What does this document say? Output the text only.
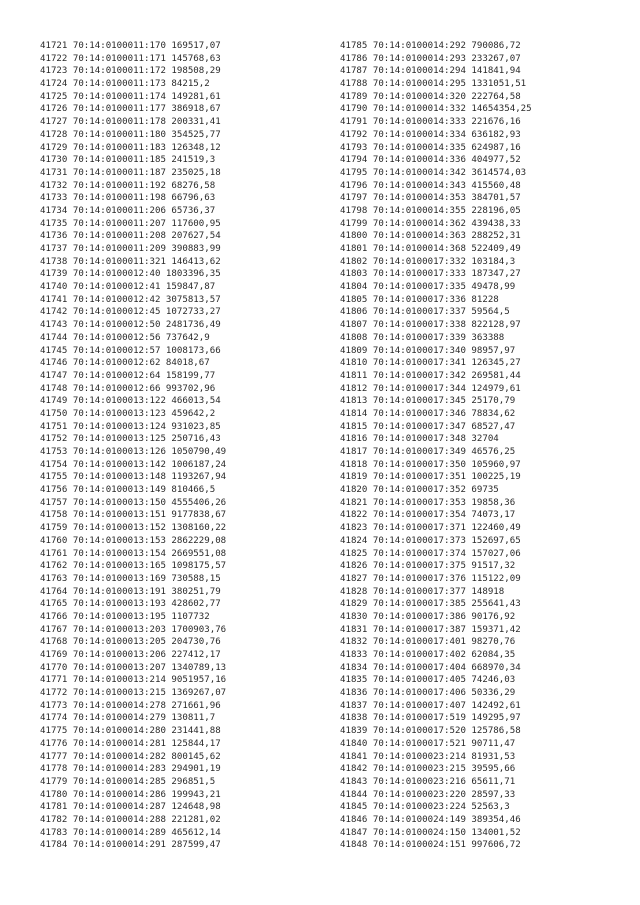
41721 70:14:0100011:170 169517,07
41722 70:14:0100011:171 145768,63
41723 70:14:0100011:172 198508,29
41724 70:14:0100011:173 84215,2
41725 70:14:0100011:174 149281,61
41726 70:14:0100011:177 386918,67
41727 70:14:0100011:178 200331,41
41728 70:14:0100011:180 354525,77
41729 70:14:0100011:183 126348,12
41730 70:14:0100011:185 241519,3
41731 70:14:0100011:187 235025,18
41732 70:14:0100011:192 68276,58
41733 70:14:0100011:198 66796,63
41734 70:14:0100011:206 65736,37
41735 70:14:0100011:207 117600,95
41736 70:14:0100011:208 207627,54
41737 70:14:0100011:209 390883,99
41738 70:14:0100011:321 146413,62
41739 70:14:0100012:40 1803396,35
41740 70:14:0100012:41 159847,87
41741 70:14:0100012:42 3075813,57
41742 70:14:0100012:45 1072733,27
41743 70:14:0100012:50 2481736,49
41744 70:14:0100012:56 737642,9
41745 70:14:0100012:57 1008173,66
41746 70:14:0100012:62 84018,67
41747 70:14:0100012:64 158199,77
41748 70:14:0100012:66 993702,96
41749 70:14:0100013:122 466013,54
41750 70:14:0100013:123 459642,2
41751 70:14:0100013:124 931023,85
41752 70:14:0100013:125 250716,43
41753 70:14:0100013:126 1050790,49
41754 70:14:0100013:142 1006187,24
41755 70:14:0100013:148 1193267,94
41756 70:14:0100013:149 810466,5
41757 70:14:0100013:150 4555406,26
41758 70:14:0100013:151 9177838,67
41759 70:14:0100013:152 1308160,22
41760 70:14:0100013:153 2862229,08
41761 70:14:0100013:154 2669551,08
41762 70:14:0100013:165 1098175,57
41763 70:14:0100013:169 730588,15
41764 70:14:0100013:191 380251,79
41765 70:14:0100013:193 428602,77
41766 70:14:0100013:195 1107732
41767 70:14:0100013:203 1700903,76
41768 70:14:0100013:205 204730,76
41769 70:14:0100013:206 227412,17
41770 70:14:0100013:207 1340789,13
41771 70:14:0100013:214 9051957,16
41772 70:14:0100013:215 1369267,07
41773 70:14:0100014:278 271661,96
41774 70:14:0100014:279 130811,7
41775 70:14:0100014:280 231441,88
41776 70:14:0100014:281 125844,17
41777 70:14:0100014:282 800145,62
41778 70:14:0100014:283 294901,19
41779 70:14:0100014:285 296851,5
41780 70:14:0100014:286 199943,21
41781 70:14:0100014:287 124648,98
41782 70:14:0100014:288 221281,02
41783 70:14:0100014:289 465612,14
41784 70:14:0100014:291 287599,47
41785 70:14:0100014:292 790086,72
41786 70:14:0100014:293 233267,07
41787 70:14:0100014:294 141841,94
41788 70:14:0100014:295 1331051,51
41789 70:14:0100014:320 222764,58
41790 70:14:0100014:332 14654354,25
41791 70:14:0100014:333 221676,16
41792 70:14:0100014:334 636182,93
41793 70:14:0100014:335 624987,16
41794 70:14:0100014:336 404977,52
41795 70:14:0100014:342 3614574,03
41796 70:14:0100014:343 415560,48
41797 70:14:0100014:353 384701,57
41798 70:14:0100014:355 228196,05
41799 70:14:0100014:362 439438,33
41800 70:14:0100014:363 288252,31
41801 70:14:0100014:368 522409,49
41802 70:14:0100017:332 103184,3
41803 70:14:0100017:333 187347,27
41804 70:14:0100017:335 49478,99
41805 70:14:0100017:336 81228
41806 70:14:0100017:337 59564,5
41807 70:14:0100017:338 822128,97
41808 70:14:0100017:339 363388
41809 70:14:0100017:340 98957,97
41810 70:14:0100017:341 126345,27
41811 70:14:0100017:342 269581,44
41812 70:14:0100017:344 124979,61
41813 70:14:0100017:345 25170,79
41814 70:14:0100017:346 78834,62
41815 70:14:0100017:347 68527,47
41816 70:14:0100017:348 32704
41817 70:14:0100017:349 46576,25
41818 70:14:0100017:350 105960,97
41819 70:14:0100017:351 100225,19
41820 70:14:0100017:352 69735
41821 70:14:0100017:353 19858,36
41822 70:14:0100017:354 74073,17
41823 70:14:0100017:371 122460,49
41824 70:14:0100017:373 152697,65
41825 70:14:0100017:374 157027,06
41826 70:14:0100017:375 91517,32
41827 70:14:0100017:376 115122,09
41828 70:14:0100017:377 148918
41829 70:14:0100017:385 255641,43
41830 70:14:0100017:386 90176,92
41831 70:14:0100017:387 159371,42
41832 70:14:0100017:401 98270,76
41833 70:14:0100017:402 62084,35
41834 70:14:0100017:404 668970,34
41835 70:14:0100017:405 74246,03
41836 70:14:0100017:406 50336,29
41837 70:14:0100017:407 142492,61
41838 70:14:0100017:519 149295,97
41839 70:14:0100017:520 125786,58
41840 70:14:0100017:521 90711,47
41841 70:14:0100023:214 81931,53
41842 70:14:0100023:215 39595,66
41843 70:14:0100023:216 65611,71
41844 70:14:0100023:220 28597,33
41845 70:14:0100023:224 52563,3
41846 70:14:0100024:149 389354,46
41847 70:14:0100024:150 134001,52
41848 70:14:0100024:151 997606,72
